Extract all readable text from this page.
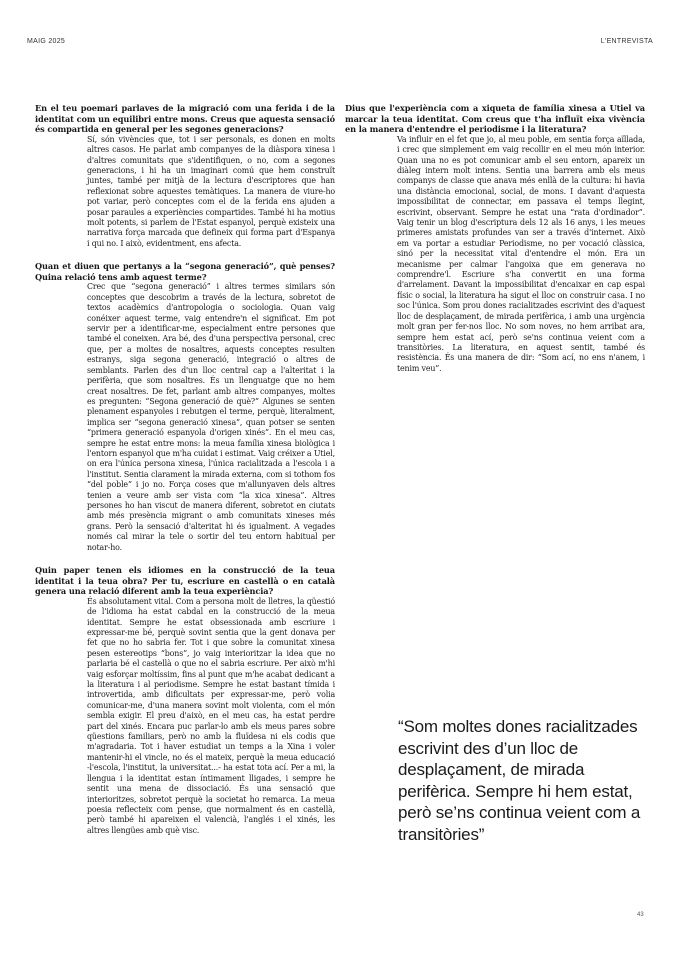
MAIG 2025	L'ENTREVISTA

En el teu poemari parlaves de la migració com una ferida i de la identitat com un equilibri entre mons. Creus que aquesta sensació és compartida en general per les segones generacions?

Sí, són vivències que, tot i ser personals, es donen en molts altres casos. He parlat amb companyes de la diàspora xinesa i d'altres comunitats que s'identifiquen, o no, com a segones generacions, i hi ha un imaginari comú que hem construït juntes, també per mitjà de la lectura d'escriptores que han reflexionat sobre aquestes temàtiques. La manera de viure-ho pot variar, però conceptes com el de la ferida ens ajuden a posar paraules a experiències compartides. També hi ha motius molt potents, si parlem de l'Estat espanyol, perquè existeix una narrativa força marcada que defineix qui forma part d'Espanya i qui no. I això, evidentment, ens afecta.

Quan et diuen que pertanys a la “segona generació”, què penses? Quina relació tens amb aquest terme?

Crec que “segona generació” i altres termes similars són conceptes que descobrim a través de la lectura, sobretot de textos acadèmics d'antropologia o sociologia. Quan vaig conéixer aquest terme, vaig entendre'n el significat. Em pot servir per a identificar-me, especialment entre persones que també el coneixen. Ara bé, des d'una perspectiva personal, crec que, per a moltes de nosaltres, aquests conceptes resulten estranys, siga segona generació, integració o altres de semblants. Parlen des d'un lloc central cap a l'alteritat i la perifèria, que som nosaltres. És un llenguatge que no hem creat nosaltres. De fet, parlant amb altres companyes, moltes es pregunten: “Segona generació de què?” Algunes se senten plenament espanyoles i rebutgen el terme, perquè, literalment, implica ser “segona generació xinesa”, quan potser se senten “primera generació espanyola d'origen xinés”. En el meu cas, sempre he estat entre mons: la meua família xinesa biològica i l'entorn espanyol que m'ha cuidat i estimat. Vaig créixer a Utiel, on era l'única persona xinesa, l'única racialitzada a l'escola i a l'institut. Sentia clarament la mirada externa, com si tothom fos “del poble” i jo no. Força coses que m'allunyaven dels altres tenien a veure amb ser vista com “la xica xinesa”. Altres persones ho han viscut de manera diferent, sobretot en ciutats amb més presència migrant o amb comunitats xineses més grans. Però la sensació d'alteritat hi és igualment. A vegades només cal mirar la tele o sortir del teu entorn habitual per notar-ho.

Quin paper tenen els idiomes en la construcció de la teua identitat i la teua obra? Per tu, escriure en castellà o en català genera una relació diferent amb la teua experiència?

És absolutament vital. Com a persona molt de lletres, la qüestió de l'idioma ha estat cabdal en la construcció de la meua identitat. Sempre he estat obsessionada amb escriure i expressar-me bé, perquè sovint sentia que la gent donava per fet que no ho sabria fer. Tot i que sobre la comunitat xinesa pesen estereotips “bons”, jo vaig interioritzar la idea que no parlaria bé el castellà o que no el sabria escriure. Per això m'hi vaig esforçar moltíssim, fins al punt que m'he acabat dedicant a la literatura i al periodisme. Sempre he estat bastant tímida i introvertida, amb dificultats per expressar-me, però volia comunicar-me, d'una manera sovint molt violenta, com el món sembla exigir. El preu d'això, en el meu cas, ha estat perdre part del xinés. Encara puc parlar-lo amb els meus pares sobre qüestions familiars, però no amb la fluïdesa ni els codis que m'agradaria. Tot i haver estudiat un temps a la Xina i voler mantenir-hi el vincle, no és el mateix, perquè la meua educació -l'escola, l'institut, la universitat...- ha estat tota ací. Per a mi, la llengua i la identitat estan íntimament lligades, i sempre he sentit una mena de dissociació. És una sensació que interioritzes, sobretot perquè la societat ho remarca. La meua poesia reflecteix com pense, que normalment és en castellà, però també hi apareixen el valencià, l'anglés i el xinés, les altres llengües amb què visc.

Dius que l'experiència com a xiqueta de família xinesa a Utiel va marcar la teua identitat. Com creus que t'ha influït eixa vivència en la manera d'entendre el periodisme i la literatura?

Va influir en el fet que jo, al meu poble, em sentia força aïllada, i crec que simplement em vaig recollir en el meu món interior. Quan una no es pot comunicar amb el seu entorn, apareix un diàleg intern molt intens. Sentia una barrera amb els meus companys de classe que anava més enllà de la cultura: hi havia una distància emocional, social, de mons. I davant d'aquesta impossibilitat de connectar, em passava el temps llegint, escrivint, observant. Sempre he estat una “rata d'ordinador”. Vaig tenir un blog d'escriptura dels 12 als 16 anys, i les meues primeres amistats profundes van ser a través d'internet. Això em va portar a estudiar Periodisme, no per vocació clàssica, sinó per la necessitat vital d'entendre el món. Era un mecanisme per calmar l'angoixa que em generava no comprendre'l. Escriure s'ha convertit en una forma d'arrelament. Davant la impossibilitat d'encaixar en cap espai físic o social, la literatura ha sigut el lloc on construir casa. I no soc l'única. Som prou dones racialitzades escrivint des d'aquest lloc de desplaçament, de mirada perifèrica, i amb una urgència molt gran per fer-nos lloc. No som noves, no hem arribat ara, sempre hem estat ací, però se'ns continua veient com a transitòries. La literatura, en aquest sentit, també és resistència. És una manera de dir: “Som ací, no ens n'anem, i tenim veu”.

“Som moltes dones racialitzades escrivint des d’un lloc de desplaçament, de mirada perifèrica. Sempre hi hem estat, però se’ns continua veient com a transitòries”
43
